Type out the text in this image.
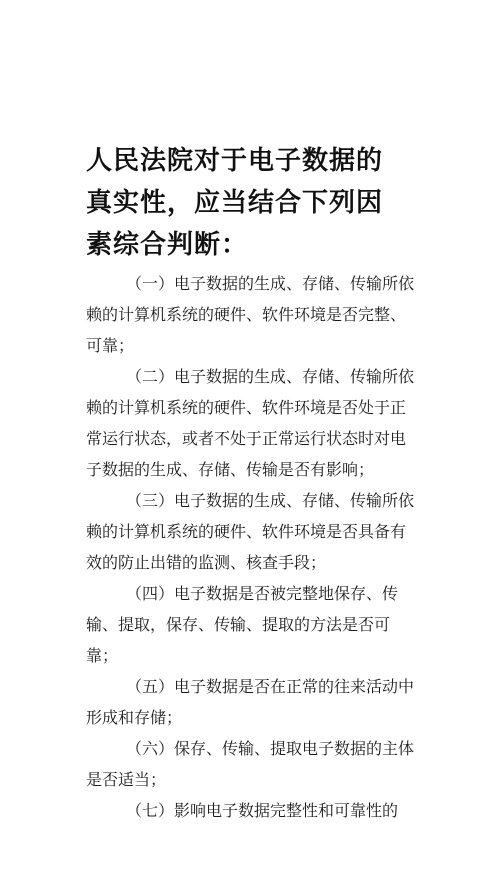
人民法院对于电子数据的真实性，应当结合下列因素综合判断：

（一）电子数据的生成、存储、传输所依赖的计算机系统的硬件、软件环境是否完整、可靠；

（二）电子数据的生成、存储、传输所依赖的计算机系统的硬件、软件环境是否处于正常运行状态，或者不处于正常运行状态时对电子数据的生成、存储、传输是否有影响；

（三）电子数据的生成、存储、传输所依赖的计算机系统的硬件、软件环境是否具备有效的防止出错的监测、核查手段；

（四）电子数据是否被完整地保存、传输、提取，保存、传输、提取的方法是否可靠；

（五）电子数据是否在正常的往来活动中形成和存储；

（六）保存、传输、提取电子数据的主体是否适当；

（七）影响电子数据完整性和可靠性的
